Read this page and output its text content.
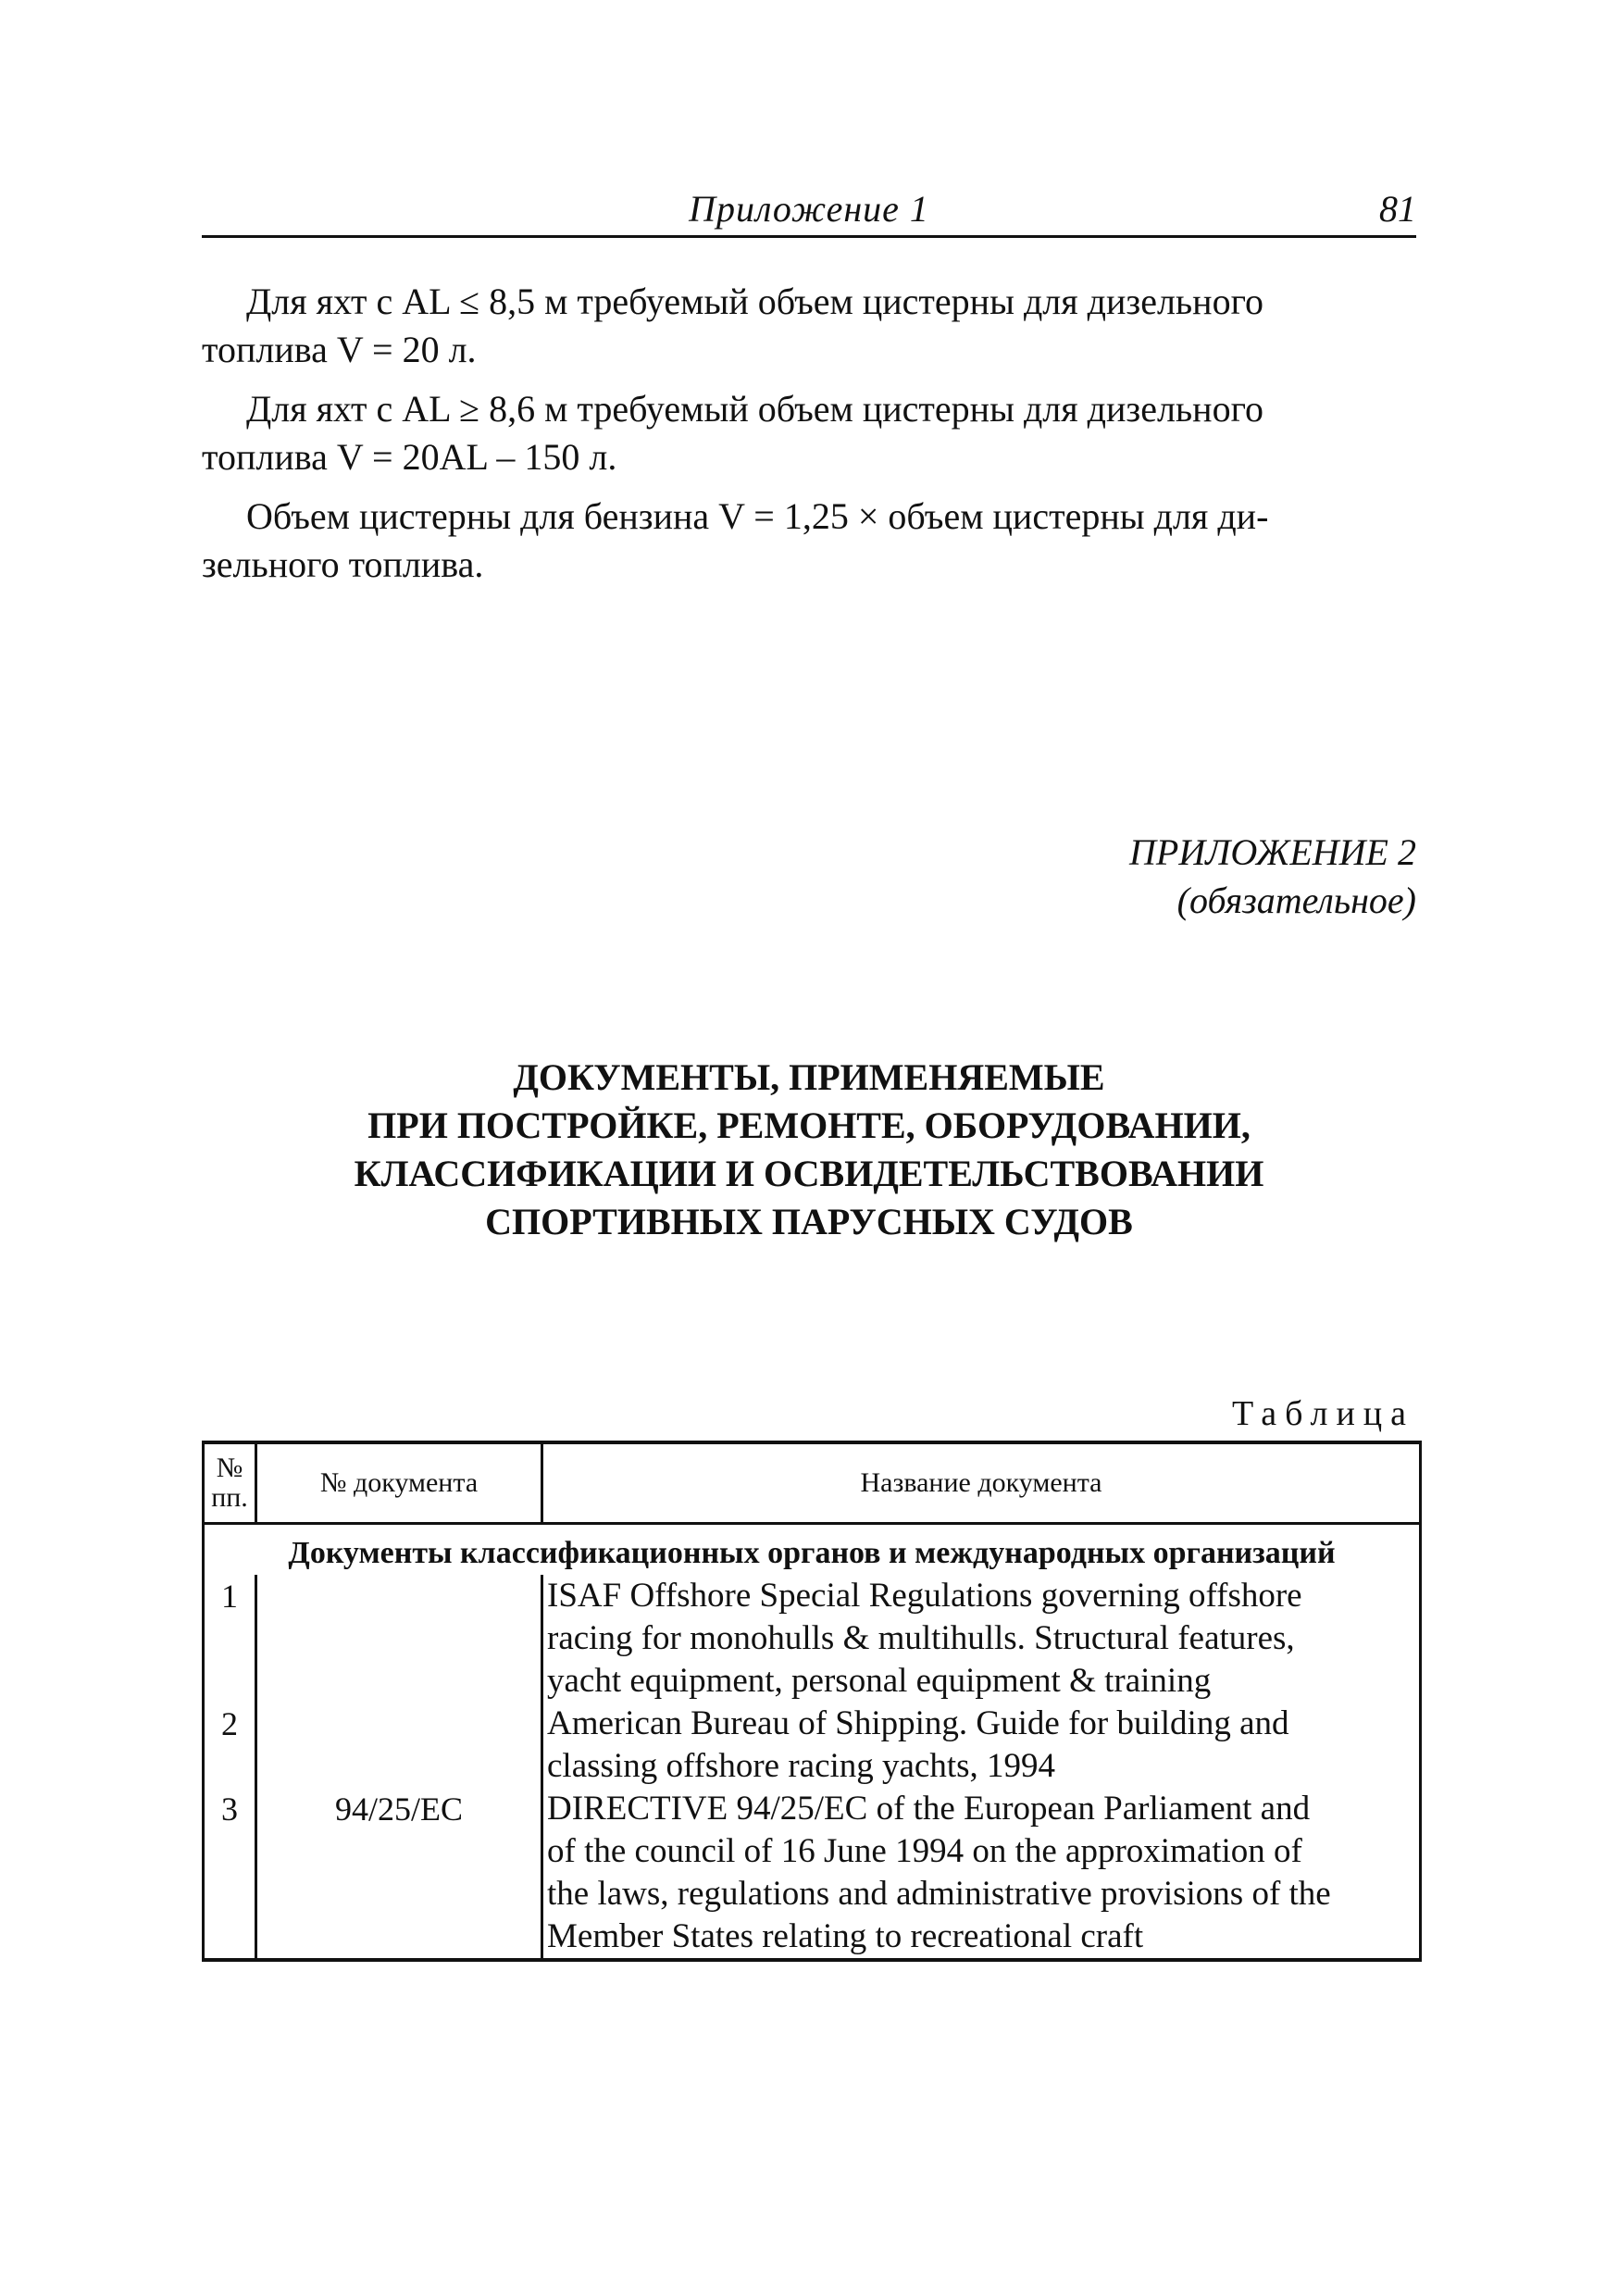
Приложение 1	81

Для яхт с AL ≤ 8,5 м требуемый объем цистерны для дизельного
топлива V = 20 л.

Для яхт с AL ≥ 8,6 м требуемый объем цистерны для дизельного
топлива V = 20AL – 150 л.

Объем цистерны для бензина V = 1,25 × объем цистерны для ди-
зельного топлива.

ПРИЛОЖЕНИЕ 2
(обязательное)
ДОКУМЕНТЫ, ПРИМЕНЯЕМЫЕ
ПРИ ПОСТРОЙКЕ, РЕМОНТЕ, ОБОРУДОВАНИИ,
КЛАССИФИКАЦИИ И ОСВИДЕТЕЛЬСТВОВАНИИ
СПОРТИВНЫХ ПАРУСНЫХ СУДОВ
Таблица
№
пп.	№ документа	Название документа
Документы классификационных органов и международных организаций		
1		ISAF Offshore Special Regulations governing offshore
racing for monohulls & multihulls. Structural features,
yacht equipment, personal equipment & training

2		American Bureau of Shipping. Guide for building and
classing offshore racing yachts, 1994

3	94/25/EC	DIRECTIVE 94/25/EC of the European Parliament and
of the council of 16 June 1994 on the approximation of
the laws, regulations and administrative provisions of the
Member States relating to recreational craft
